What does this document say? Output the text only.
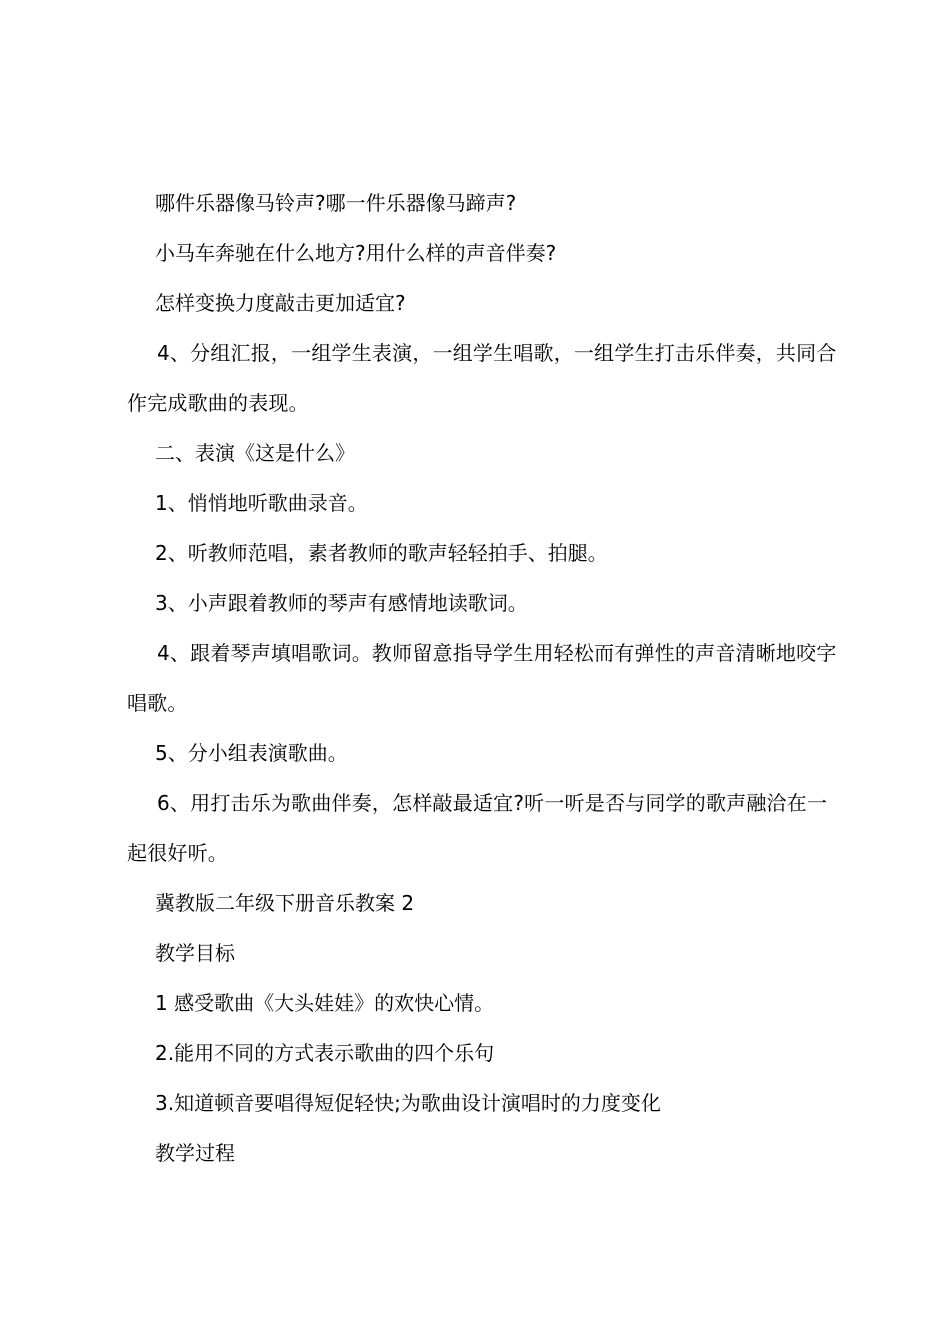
哪件乐器像马铃声?哪一件乐器像马蹄声?

小马车奔驰在什么地方?用什么样的声音伴奏?

怎样变换力度敲击更加适宜?

4、分组汇报，一组学生表演，一组学生唱歌，一组学生打击乐伴奏，共同合作完成歌曲的表现。

二、表演《这是什么》

1、悄悄地听歌曲录音。

2、听教师范唱，素者教师的歌声轻轻拍手、拍腿。

3、小声跟着教师的琴声有感情地读歌词。

4、跟着琴声填唱歌词。教师留意指导学生用轻松而有弹性的声音清晰地咬字唱歌。

5、分小组表演歌曲。

6、用打击乐为歌曲伴奏，怎样敲最适宜?听一听是否与同学的歌声融洽在一起很好听。

冀教版二年级下册音乐教案 2

教学目标

1 感受歌曲《大头娃娃》的欢快心情。

2.能用不同的方式表示歌曲的四个乐句

3.知道顿音要唱得短促轻快;为歌曲设计演唱时的力度变化

教学过程
